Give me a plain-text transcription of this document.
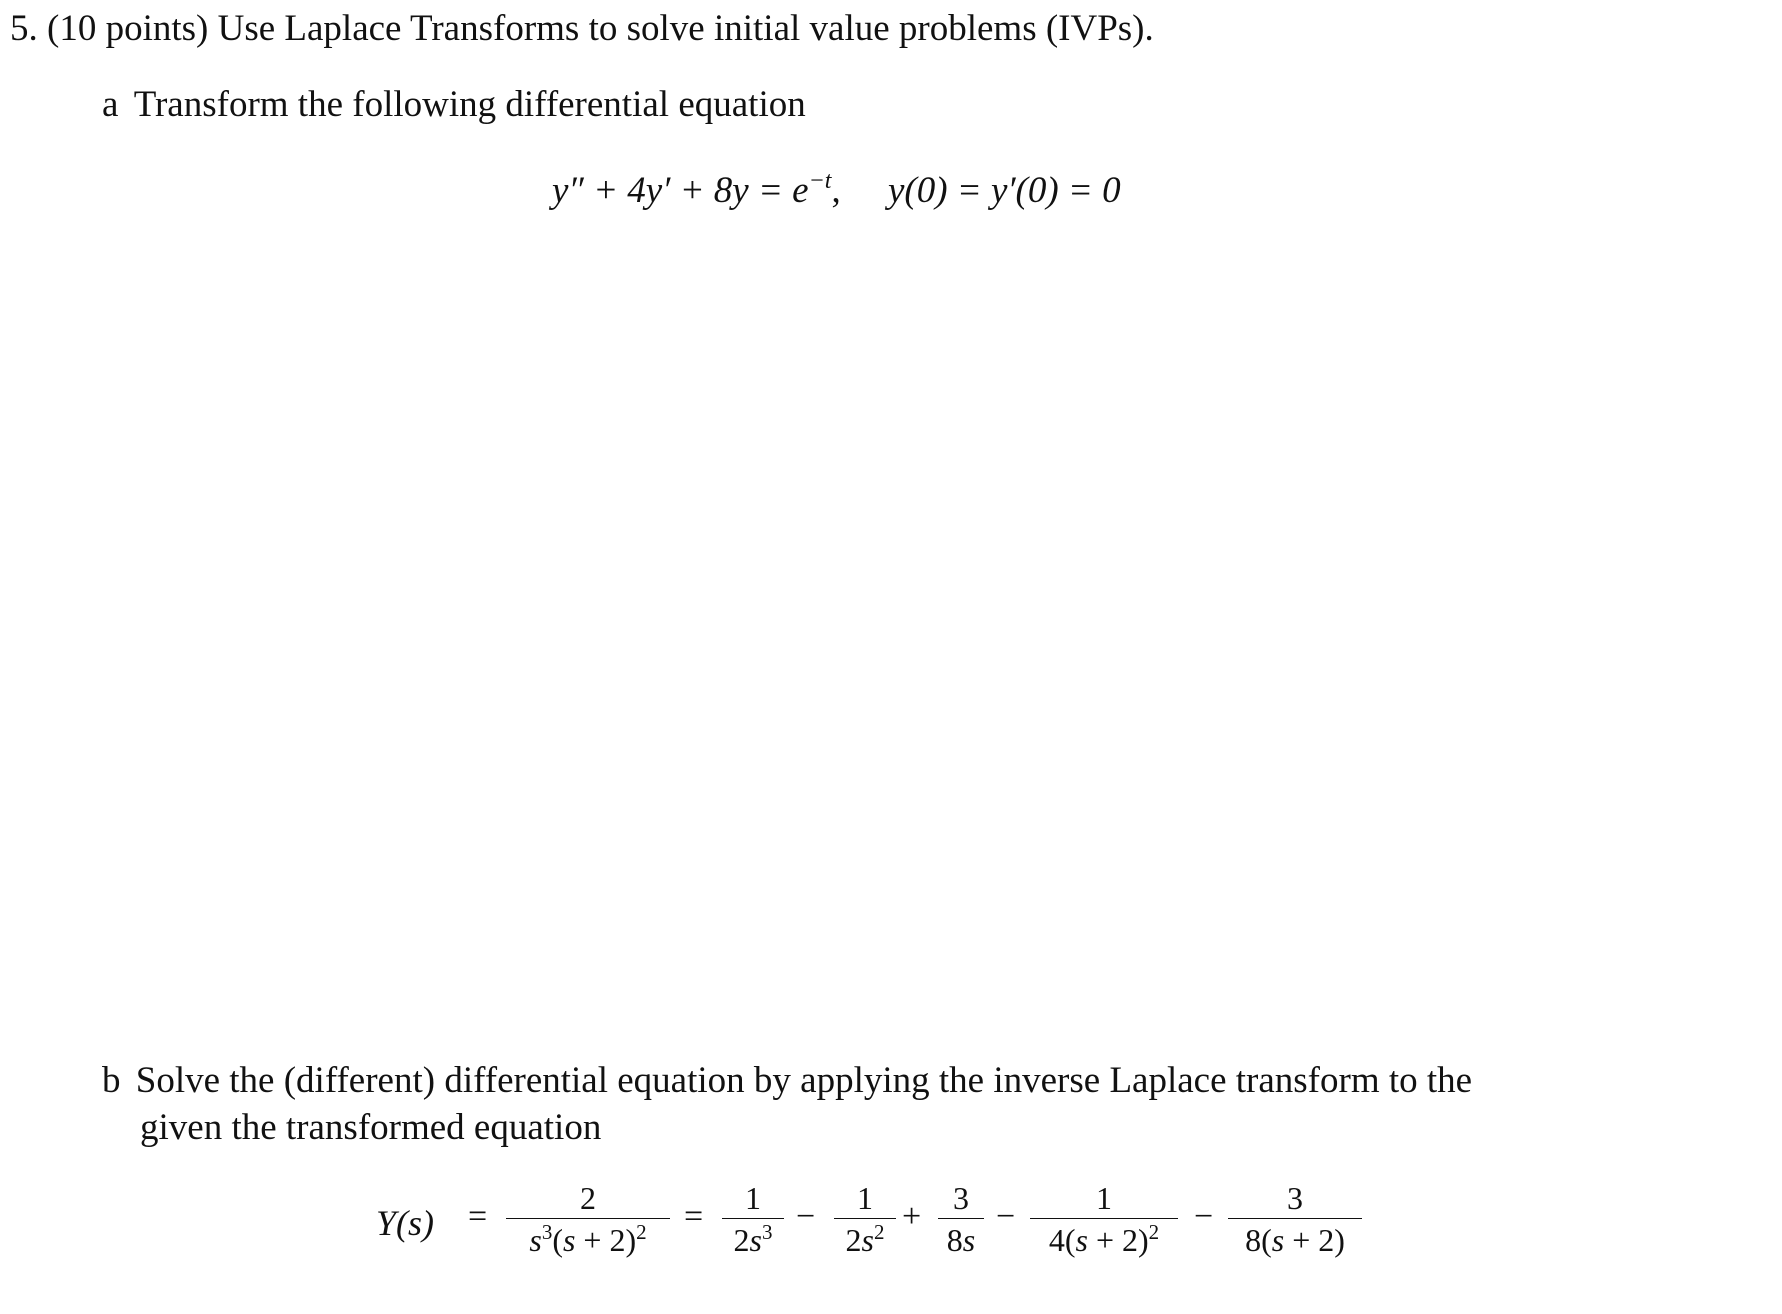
5. (10 points) Use Laplace Transforms to solve initial value problems (IVPs).
a Transform the following differential equation
$y'' + 4y' + 8y = e^{-t}$, y(0) = y′(0) = 0
b Solve the (different) differential equation by applying the inverse Laplace transform to the
given the transformed equation
Y(s) =	2
$s^3(s + 2)^2$	=	1
$2s^3$ −	1
$2s^2 + 3$
8s
−	1
$4(s + 2)^2$	−	3
8(s + 2)
